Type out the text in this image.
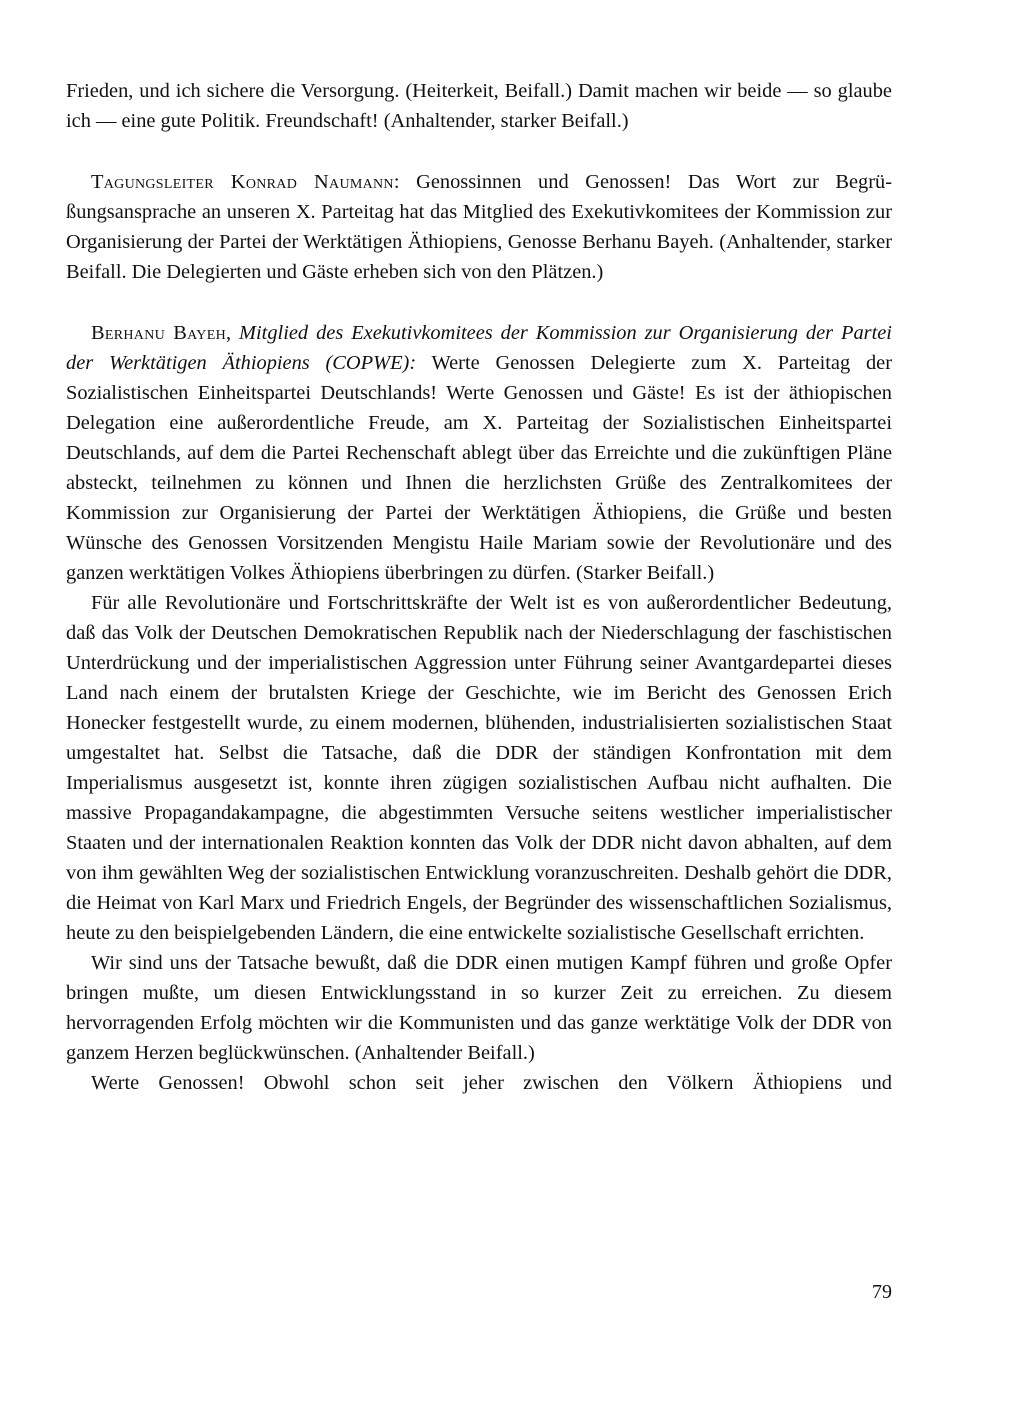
Frieden, und ich sichere die Versorgung. (Heiterkeit, Beifall.) Damit machen wir beide — so glaube ich — eine gute Politik. Freundschaft! (Anhaltender, starker Beifall.)

Tagungsleiter Konrad Naumann: Genossinnen und Genossen! Das Wort zur Begrüßungsansprache an unseren X. Parteitag hat das Mitglied des Exekutivkomitees der Kommission zur Organisierung der Partei der Werktätigen Äthiopiens, Genosse Berhanu Bayeh. (Anhaltender, starker Beifall. Die Delegierten und Gäste erheben sich von den Plätzen.)

Berhanu Bayeh, Mitglied des Exekutivkomitees der Kommission zur Organisierung der Partei der Werktätigen Äthiopiens (COPWE): Werte Genossen Delegierte zum X. Parteitag der Sozialistischen Einheitspartei Deutschlands! Werte Genossen und Gäste! Es ist der äthiopischen Delegation eine außerordentliche Freude, am X. Parteitag der Sozialistischen Einheitspartei Deutschlands, auf dem die Partei Rechenschaft ablegt über das Erreichte und die zukünftigen Pläne absteckt, teilnehmen zu können und Ihnen die herzlichsten Grüße des Zentralkomitees der Kommission zur Organisierung der Partei der Werktätigen Äthiopiens, die Grüße und besten Wünsche des Genossen Vorsitzenden Mengistu Haile Mariam sowie der Revolutionäre und des ganzen werktätigen Volkes Äthiopiens überbringen zu dürfen. (Starker Beifall.)

Für alle Revolutionäre und Fortschrittskräfte der Welt ist es von außerordentlicher Bedeutung, daß das Volk der Deutschen Demokratischen Republik nach der Niederschlagung der faschistischen Unterdrückung und der imperialistischen Aggression unter Führung seiner Avantgardepartei dieses Land nach einem der brutalsten Kriege der Geschichte, wie im Bericht des Genossen Erich Honecker festgestellt wurde, zu einem modernen, blühenden, industrialisierten sozialistischen Staat umgestaltet hat. Selbst die Tatsache, daß die DDR der ständigen Konfrontation mit dem Imperialismus ausgesetzt ist, konnte ihren zügigen sozialistischen Aufbau nicht aufhalten. Die massive Propagandakampagne, die abgestimmten Versuche seitens westlicher imperialistischer Staaten und der internationalen Reaktion konnten das Volk der DDR nicht davon abhalten, auf dem von ihm gewählten Weg der sozialistischen Entwicklung voranzuschreiten. Deshalb gehört die DDR, die Heimat von Karl Marx und Friedrich Engels, der Begründer des wissenschaftlichen Sozialismus, heute zu den beispielgebenden Ländern, die eine entwickelte sozialistische Gesellschaft errichten.

Wir sind uns der Tatsache bewußt, daß die DDR einen mutigen Kampf führen und große Opfer bringen mußte, um diesen Entwicklungsstand in so kurzer Zeit zu erreichen. Zu diesem hervorragenden Erfolg möchten wir die Kommunisten und das ganze werktätige Volk der DDR von ganzem Herzen beglückwünschen. (Anhaltender Beifall.)

Werte Genossen! Obwohl schon seit jeher zwischen den Völkern Äthiopiens und

79
